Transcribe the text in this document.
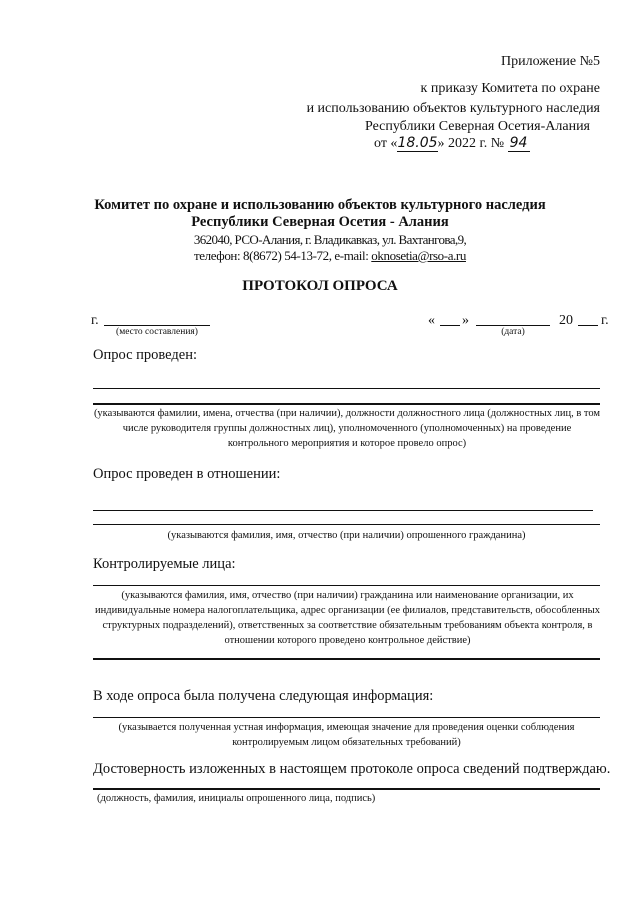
Приложение №5
к приказу Комитета по охране
и использованию объектов культурного наследия
Республики Северная Осетия-Алания
от «18.05» 2022 г. № 94
Комитет по охране и использованию объектов культурного наследия
Республики Северная Осетия - Алания
362040, РСО-Алания, г. Владикавказ, ул. Вахтангова,9,
телефон: 8(8672) 54-13-72, e-mail: oknosetia@rso-a.ru
ПРОТОКОЛ ОПРОСА
г.
(место составления)
« »
(дата)
20 г.
Опрос проведен:
(указываются фамилии, имена, отчества (при наличии), должности должностного лица (должностных лиц, в том числе руководителя группы должностных лиц), уполномоченного (уполномоченных) на проведение контрольного мероприятия и которое провело опрос)
Опрос проведен в отношении:
(указываются фамилия, имя, отчество (при наличии) опрошенного гражданина)
Контролируемые лица:
(указываются фамилия, имя, отчество (при наличии) гражданина или наименование организации, их индивидуальные номера налогоплательщика, адрес организации (ее филиалов, представительств, обособленных структурных подразделений), ответственных за соответствие обязательным требованиям объекта контроля, в отношении которого проведено контрольное действие)
В ходе опроса была получена следующая информация:
(указывается полученная устная информация, имеющая значение для проведения оценки соблюдения контролируемым лицом обязательных требований)
Достоверность изложенных в настоящем протоколе опроса сведений подтверждаю.
(должность, фамилия, инициалы опрошенного лица, подпись)
